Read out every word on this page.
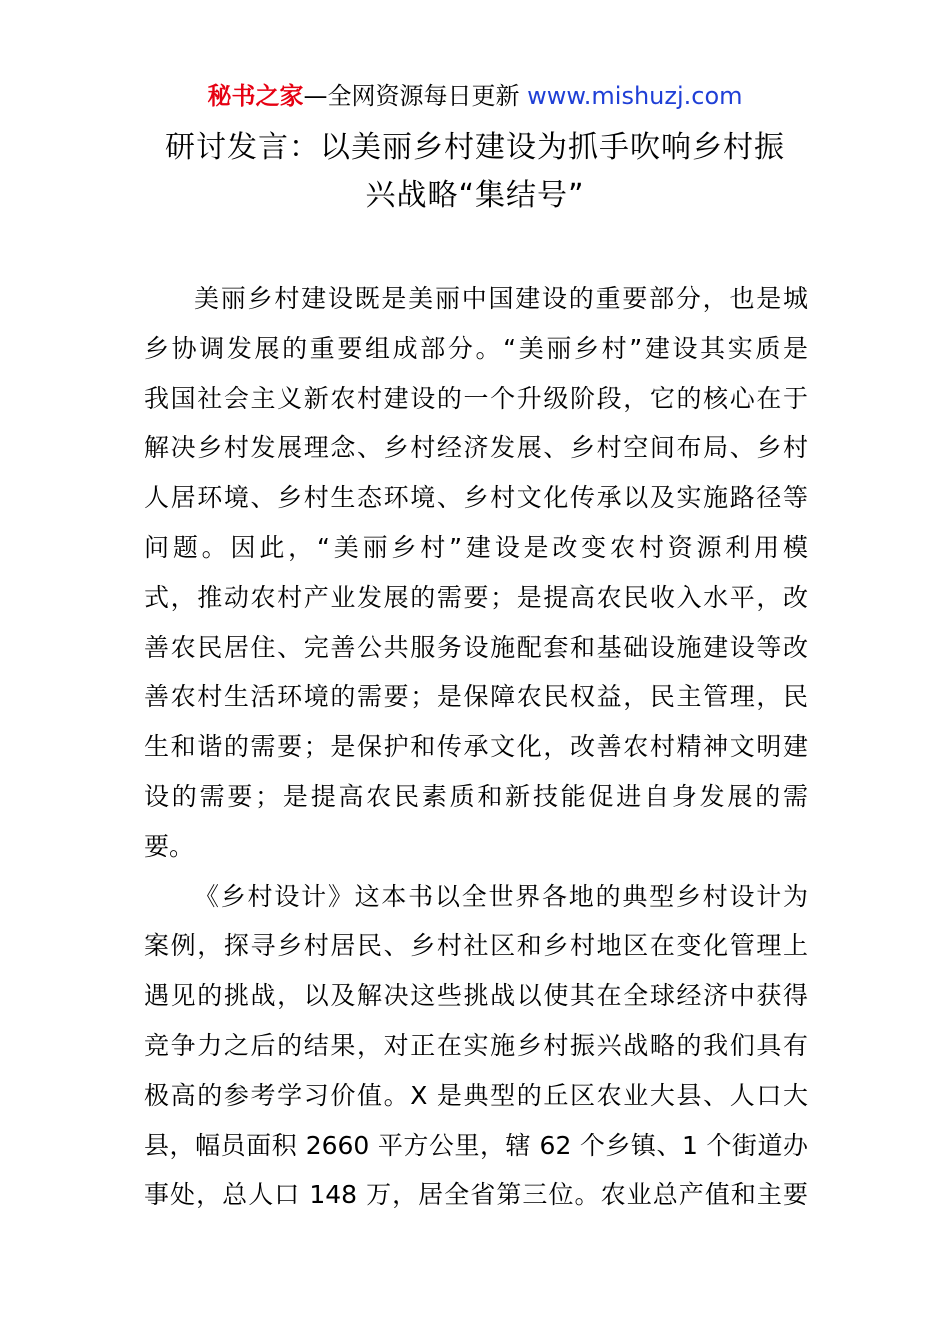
秘书之家—全网资源每日更新 www.mishuzj.com
研讨发言：以美丽乡村建设为抓手吹响乡村振
兴战略“集结号”
美丽乡村建设既是美丽中国建设的重要部分，也是城
乡协调发展的重要组成部分。“美丽乡村”建设其实质是
我国社会主义新农村建设的一个升级阶段，它的核心在于
解决乡村发展理念、乡村经济发展、乡村空间布局、乡村
人居环境、乡村生态环境、乡村文化传承以及实施路径等
问题。因此，“美丽乡村”建设是改变农村资源利用模
式，推动农村产业发展的需要；是提高农民收入水平，改
善农民居住、完善公共服务设施配套和基础设施建设等改
善农村生活环境的需要；是保障农民权益，民主管理，民
生和谐的需要；是保护和传承文化，改善农村精神文明建
设的需要；是提高农民素质和新技能促进自身发展的需
要。
《乡村设计》这本书以全世界各地的典型乡村设计为
案例，探寻乡村居民、乡村社区和乡村地区在变化管理上
遇见的挑战，以及解决这些挑战以使其在全球经济中获得
竞争力之后的结果，对正在实施乡村振兴战略的我们具有
极高的参考学习价值。X 是典型的丘区农业大县、人口大
县，幅员面积 2660 平方公里，辖 62 个乡镇、1 个街道办
事处，总人口 148 万，居全省第三位。农业总产值和主要
